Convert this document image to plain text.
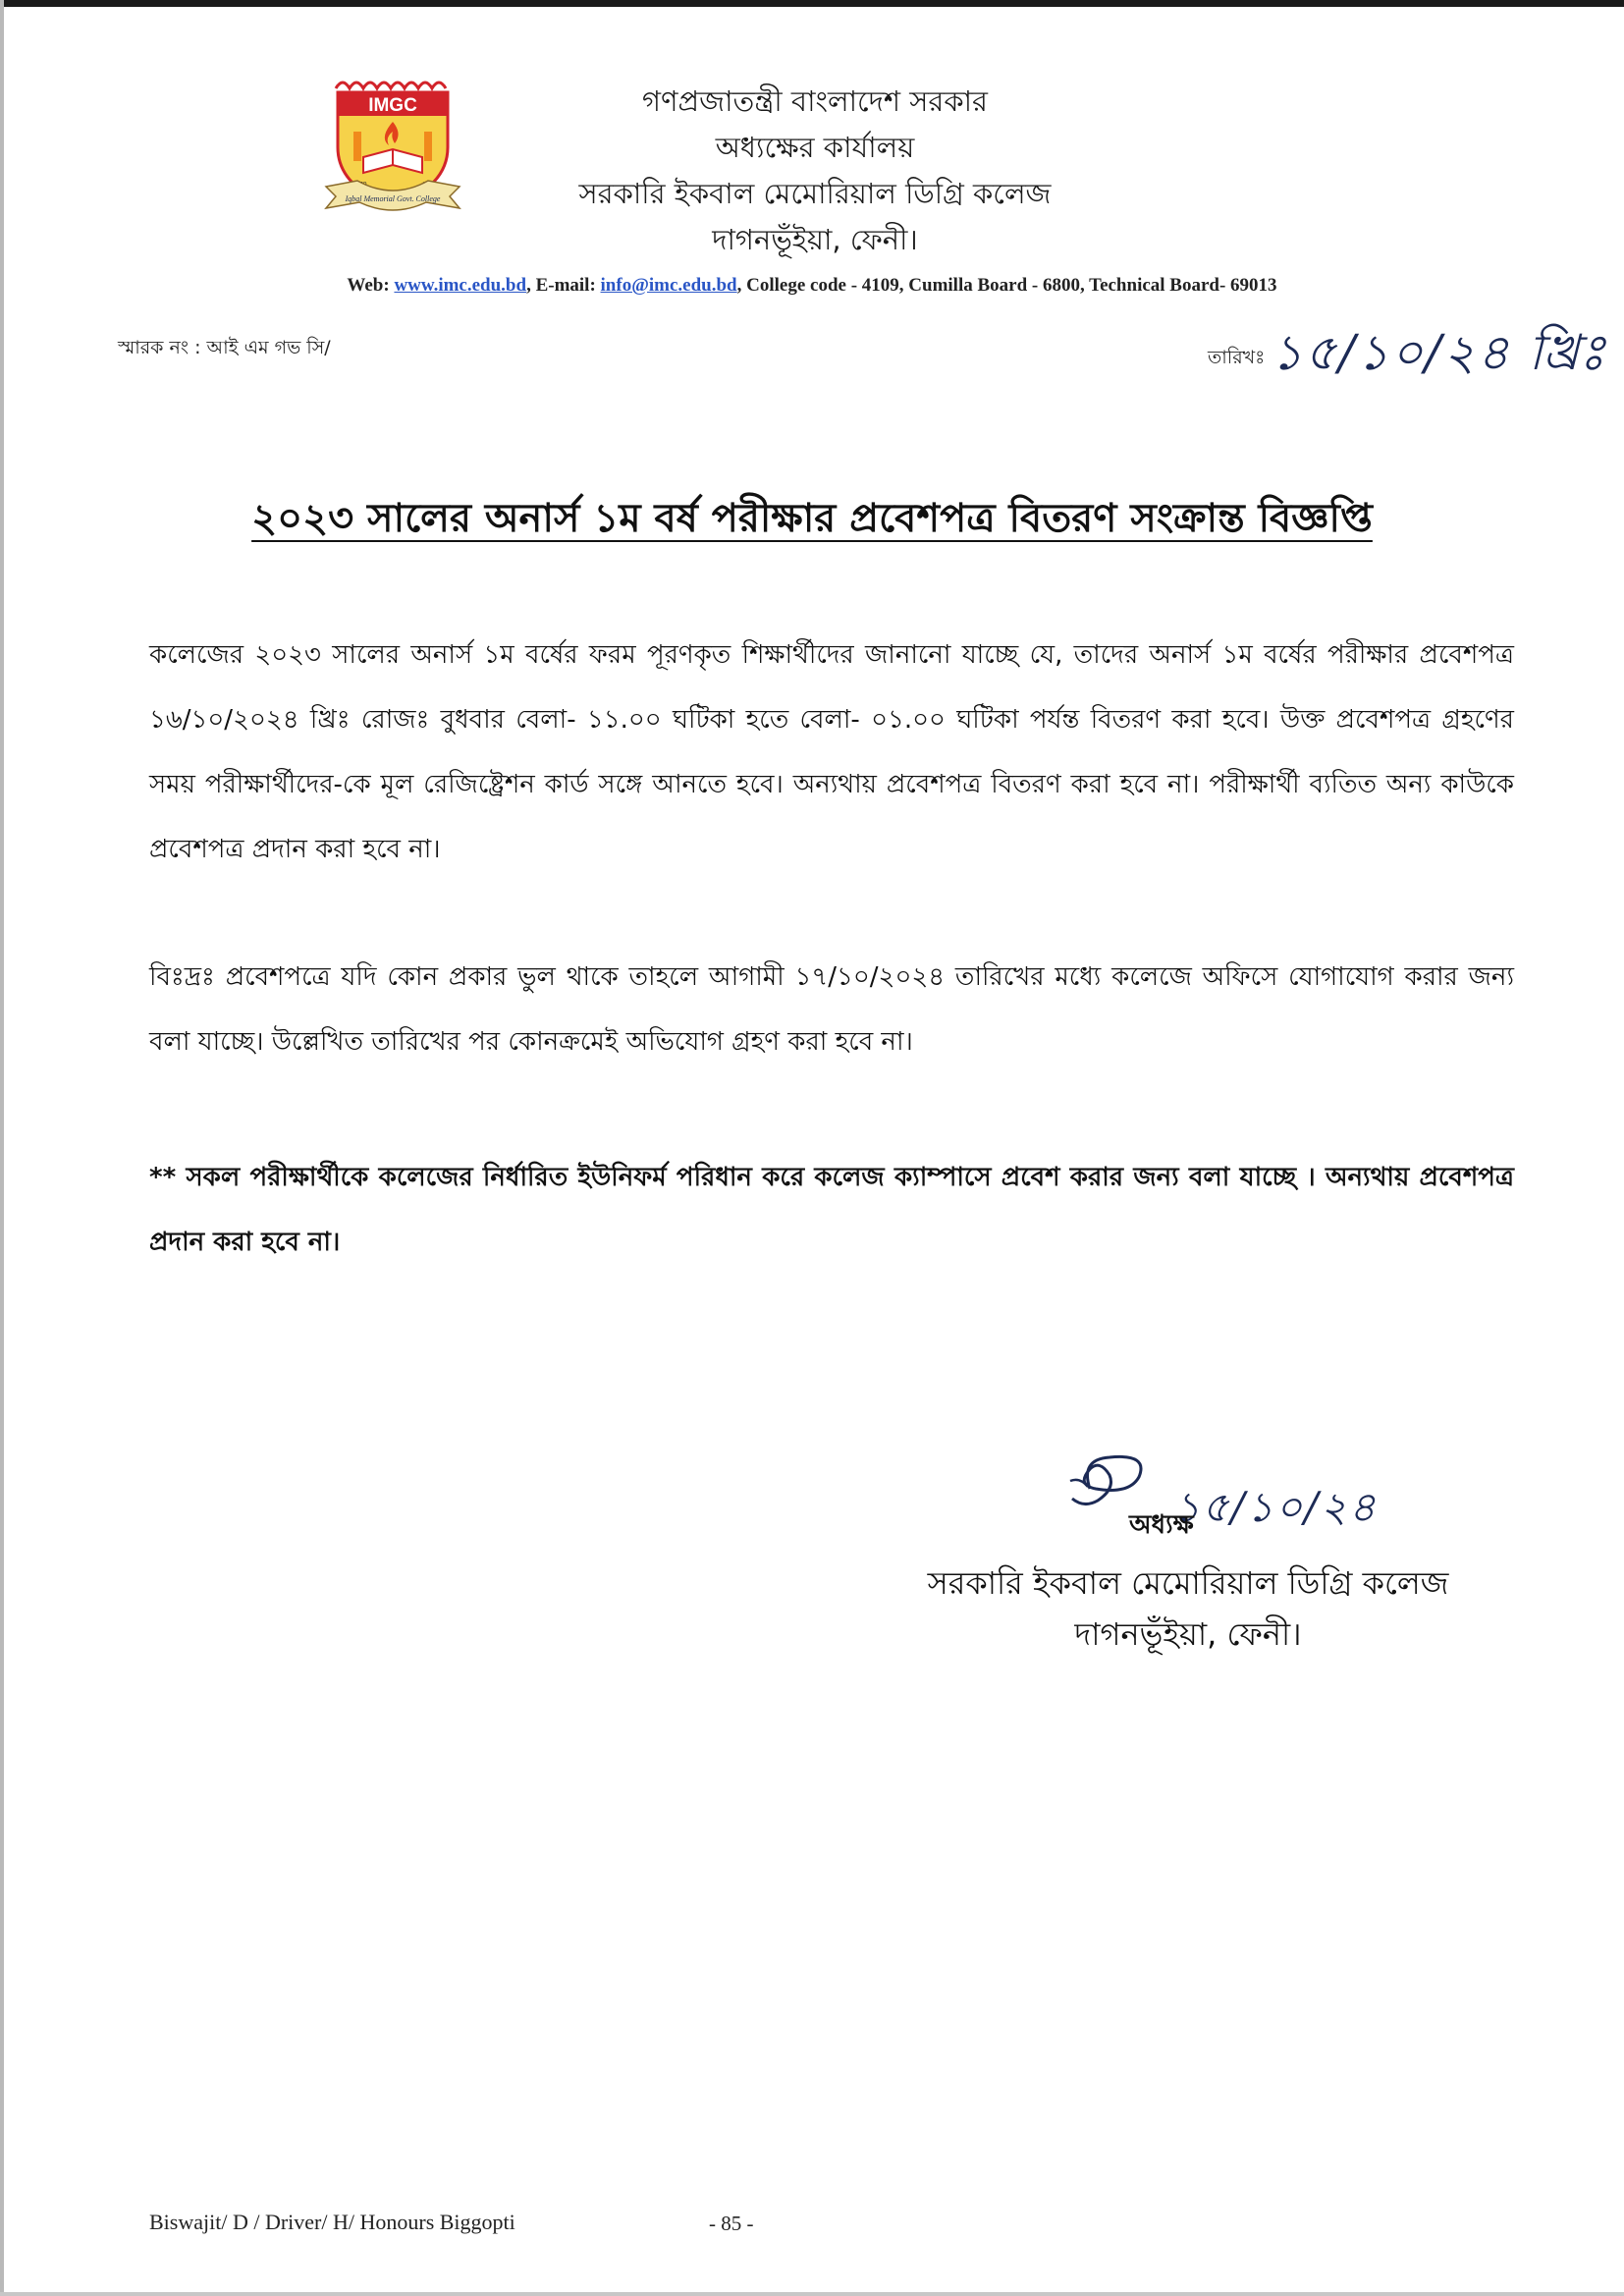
IMGC
Iqbal Memorial Govt. College
গণপ্রজাতন্ত্রী বাংলাদেশ সরকার
অধ্যক্ষের কার্যালয়
সরকারি ইকবাল মেমোরিয়াল ডিগ্রি কলেজ
দাগনভূঁইয়া, ফেনী।
Web: www.imc.edu.bd, E-mail: info@imc.edu.bd, College code - 4109, Cumilla Board - 6800, Technical Board- 69013
স্মারক নং : আই এম গভ সি/	তারিখঃ ১৫/১০/২৪ খ্রিঃ
২০২৩ সালের অনার্স ১ম বর্ষ পরীক্ষার প্রবেশপত্র বিতরণ সংক্রান্ত বিজ্ঞপ্তি
কলেজের ২০২৩ সালের অনার্স ১ম বর্ষের ফরম পূরণকৃত শিক্ষার্থীদের জানানো যাচ্ছে যে, তাদের অনার্স ১ম বর্ষের পরীক্ষার প্রবেশপত্র ১৬/১০/২০২৪ খ্রিঃ রোজঃ বুধবার বেলা- ১১.০০ ঘটিকা হতে বেলা- ০১.০০ ঘটিকা পর্যন্ত বিতরণ করা হবে। উক্ত প্রবেশপত্র গ্রহণের সময় পরীক্ষার্থীদের-কে মূল রেজিষ্ট্রেশন কার্ড সঙ্গে আনতে হবে। অন্যথায় প্রবেশপত্র বিতরণ করা হবে না। পরীক্ষার্থী ব্যতিত অন্য কাউকে প্রবেশপত্র প্রদান করা হবে না।
বিঃদ্রঃ প্রবেশপত্রে যদি কোন প্রকার ভুল থাকে তাহলে আগামী ১৭/১০/২০২৪ তারিখের মধ্যে কলেজে অফিসে যোগাযোগ করার জন্য বলা যাচ্ছে। উল্লেখিত তারিখের পর কোনক্রমেই অভিযোগ গ্রহণ করা হবে না।
** সকল পরীক্ষার্থীকে কলেজের নির্ধারিত ইউনিফর্ম পরিধান করে কলেজ ক্যাম্পাসে প্রবেশ করার জন্য বলা যাচ্ছে । অন্যথায় প্রবেশপত্র প্রদান করা হবে না।
১৫/১০/২৪
অধ্যক্ষ
সরকারি ইকবাল মেমোরিয়াল ডিগ্রি কলেজ
দাগনভূঁইয়া, ফেনী।
Biswajit/ D / Driver/ H/ Honours Biggopti	- 85 -
